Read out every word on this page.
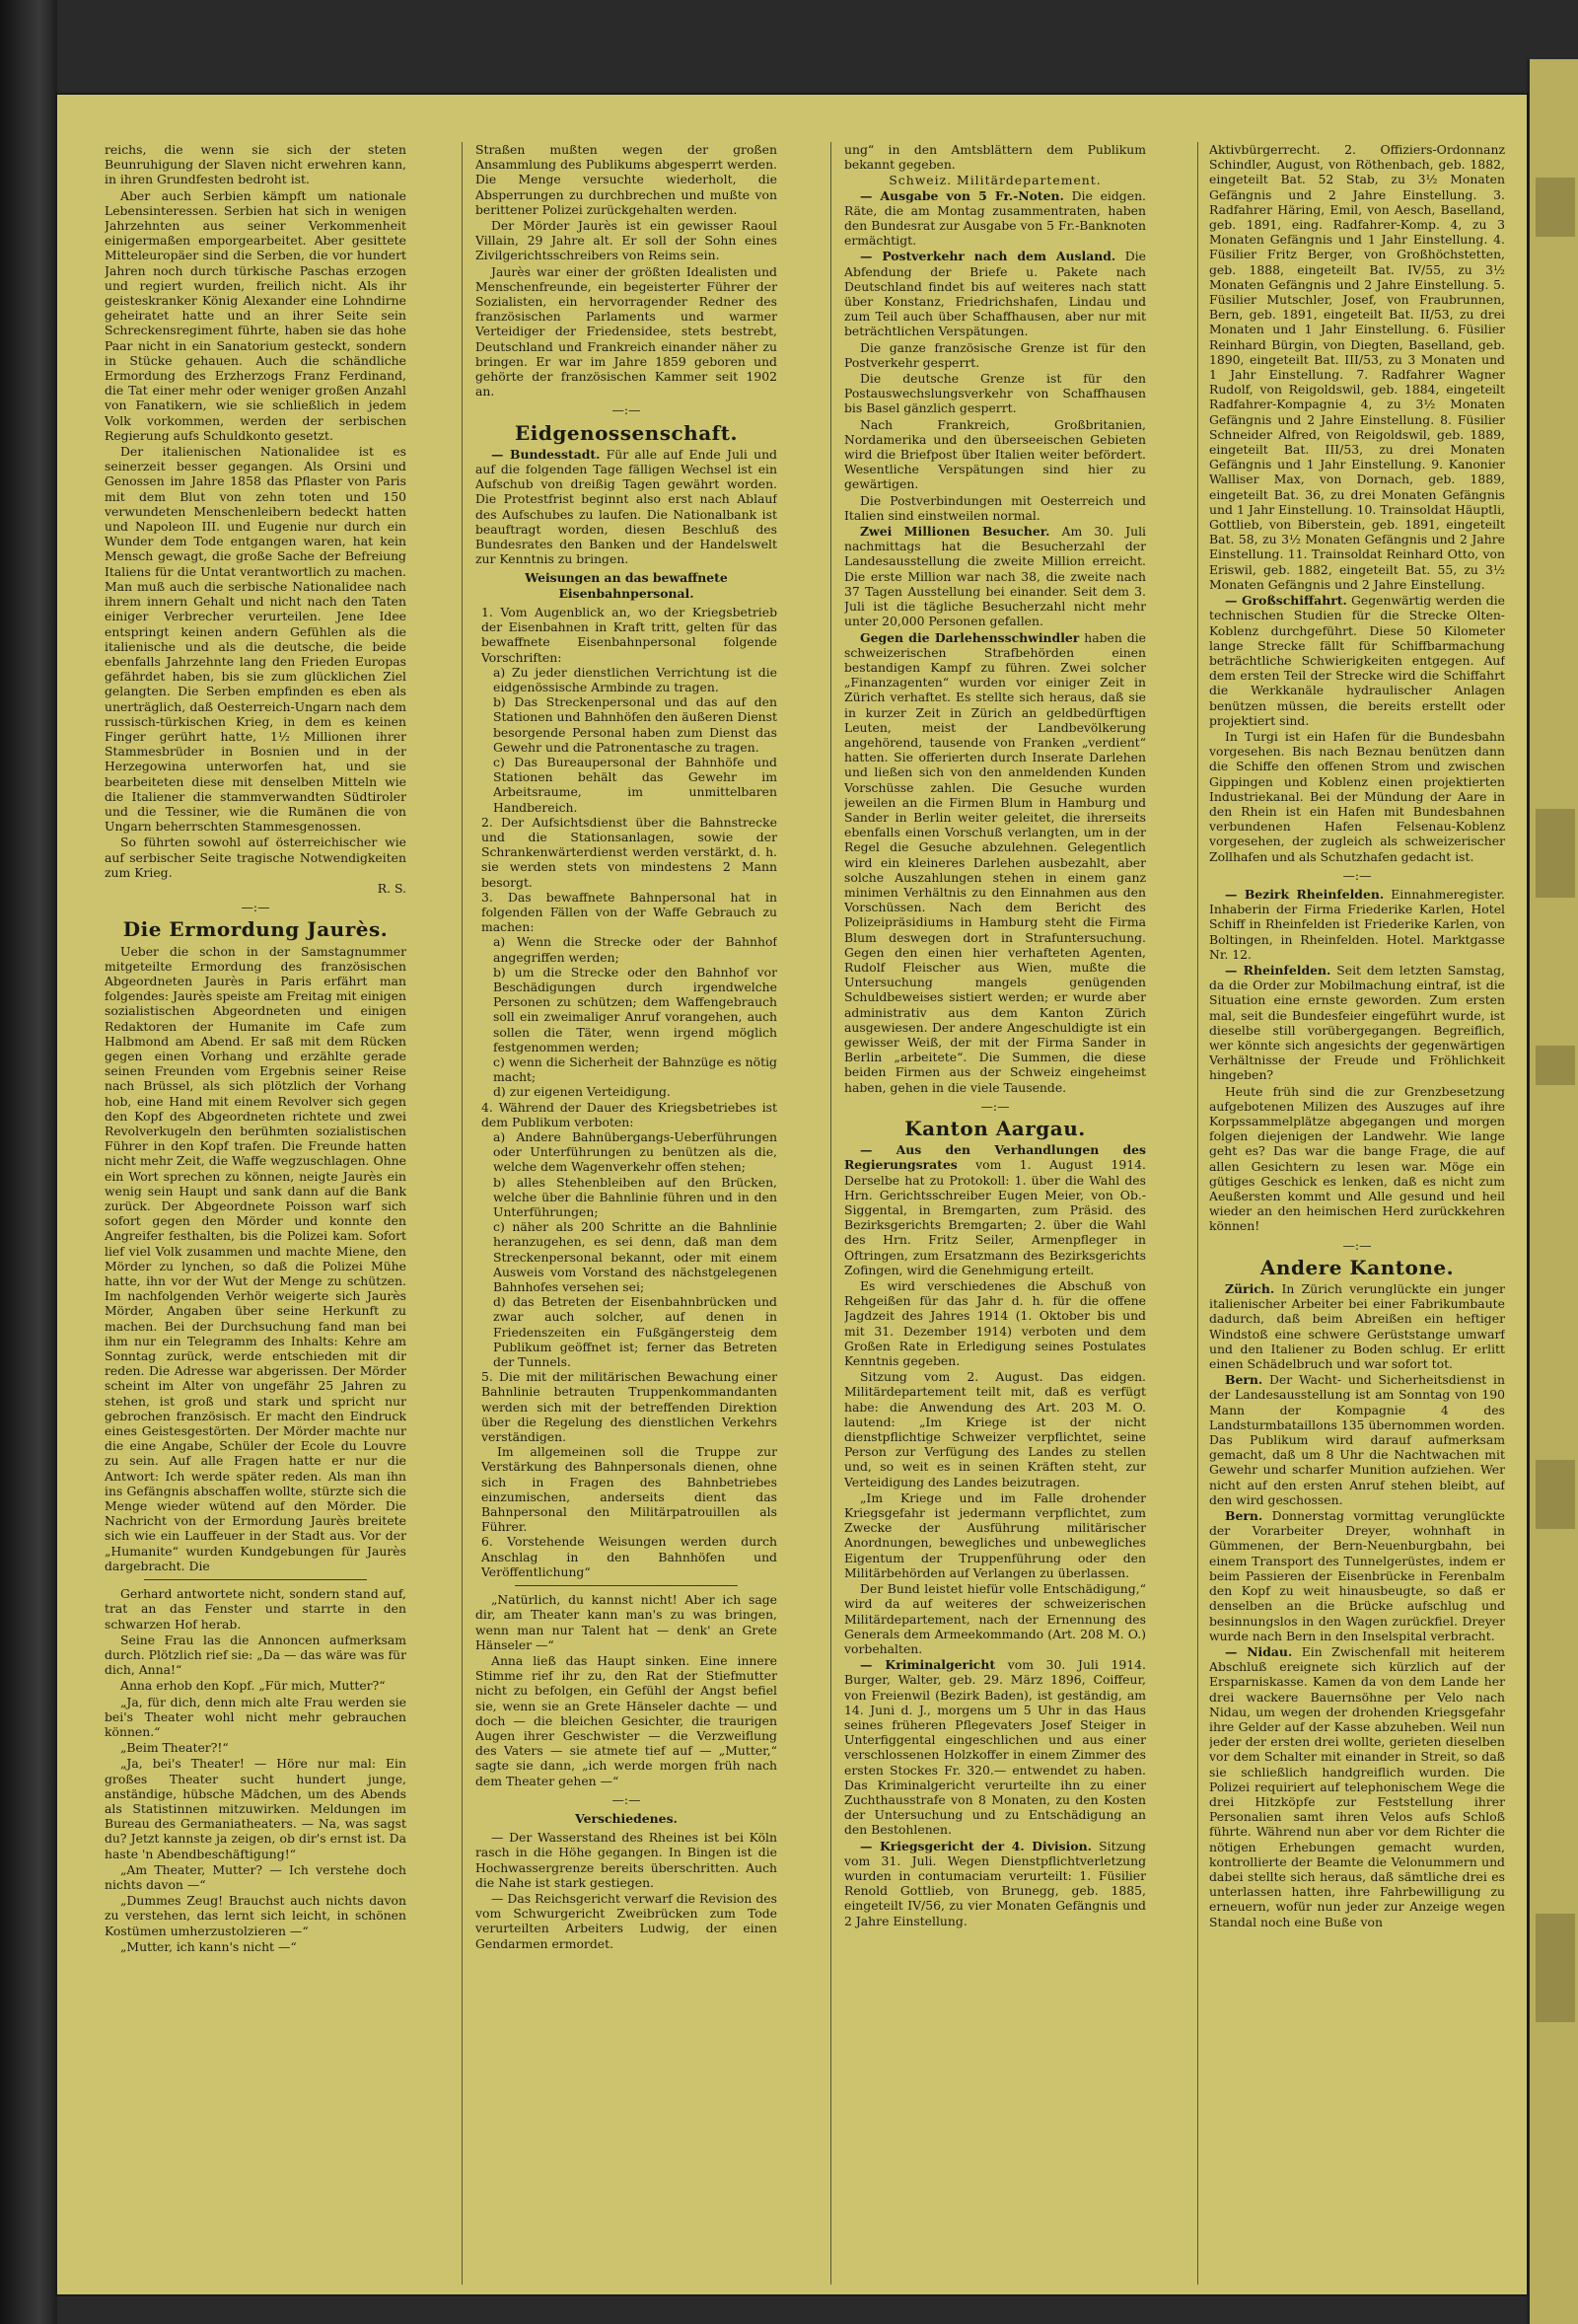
reichs, die wenn sie sich der steten Beunruhigung der Slaven nicht erwehren kann, in ihren Grundfesten bedroht ist.

Aber auch Serbien kämpft um nationale Lebensinteressen. Serbien hat sich in wenigen Jahrzehnten aus seiner Verkommenheit einigermaßen emporgearbeitet. Aber gesittete Mitteleuropäer sind die Serben, die vor hundert Jahren noch durch türkische Paschas erzogen und regiert wurden, freilich nicht. Als ihr geisteskranker König Alexander eine Lohndirne geheiratet hatte und an ihrer Seite sein Schreckensregiment führte, haben sie das hohe Paar nicht in ein Sanatorium gesteckt, sondern in Stücke gehauen. Auch die schändliche Ermordung des Erzherzogs Franz Ferdinand, die Tat einer mehr oder weniger großen Anzahl von Fanatikern, wie sie schließlich in jedem Volk vorkommen, werden der serbischen Regierung aufs Schuldkonto gesetzt.

Der italienischen Nationalidee ist es seinerzeit besser gegangen. Als Orsini und Genossen im Jahre 1858 das Pflaster von Paris mit dem Blut von zehn toten und 150 verwundeten Menschenleibern bedeckt hatten und Napoleon III. und Eugenie nur durch ein Wunder dem Tode entgangen waren, hat kein Mensch gewagt, die große Sache der Befreiung Italiens für die Untat verantwortlich zu machen. Man muß auch die serbische Nationalidee nach ihrem innern Gehalt und nicht nach den Taten einiger Verbrecher verurteilen. Jene Idee entspringt keinen andern Gefühlen als die italienische und als die deutsche, die beide ebenfalls Jahrzehnte lang den Frieden Europas gefährdet haben, bis sie zum glücklichen Ziel gelangten. Die Serben empfinden es eben als unerträglich, daß Oesterreich-Ungarn nach dem russisch-türkischen Krieg, in dem es keinen Finger gerührt hatte, 1½ Millionen ihrer Stammesbrüder in Bosnien und in der Herzegowina unterworfen hat, und sie bearbeiteten diese mit denselben Mitteln wie die Italiener die stammverwandten Südtiroler und die Tessiner, wie die Rumänen die von Ungarn beherrschten Stammesgenossen.

So führten sowohl auf österreichischer wie auf serbischer Seite tragische Notwendigkeiten zum Krieg.

R. S.
—:—
Die Ermordung Jaurès.

Ueber die schon in der Samstagnummer mitgeteilte Ermordung des französischen Abgeordneten Jaurès in Paris erfährt man folgendes: Jaurès speiste am Freitag mit einigen sozialistischen Abgeordneten und einigen Redaktoren der Humanite im Cafe zum Halbmond am Abend. Er saß mit dem Rücken gegen einen Vorhang und erzählte gerade seinen Freunden vom Ergebnis seiner Reise nach Brüssel, als sich plötzlich der Vorhang hob, eine Hand mit einem Revolver sich gegen den Kopf des Abgeordneten richtete und zwei Revolverkugeln den berühmten sozialistischen Führer in den Kopf trafen. Die Freunde hatten nicht mehr Zeit, die Waffe wegzuschlagen. Ohne ein Wort sprechen zu können, neigte Jaurès ein wenig sein Haupt und sank dann auf die Bank zurück. Der Abgeordnete Poisson warf sich sofort gegen den Mörder und konnte den Angreifer festhalten, bis die Polizei kam. Sofort lief viel Volk zusammen und machte Miene, den Mörder zu lynchen, so daß die Polizei Mühe hatte, ihn vor der Wut der Menge zu schützen. Im nachfolgenden Verhör weigerte sich Jaurès Mörder, Angaben über seine Herkunft zu machen. Bei der Durchsuchung fand man bei ihm nur ein Telegramm des Inhalts: Kehre am Sonntag zurück, werde entschieden mit dir reden. Die Adresse war abgerissen. Der Mörder scheint im Alter von ungefähr 25 Jahren zu stehen, ist groß und stark und spricht nur gebrochen französisch. Er macht den Eindruck eines Geistesgestörten. Der Mörder machte nur die eine Angabe, Schüler der Ecole du Louvre zu sein. Auf alle Fragen hatte er nur die Antwort: Ich werde später reden. Als man ihn ins Gefängnis abschaffen wollte, stürzte sich die Menge wieder wütend auf den Mörder. Die Nachricht von der Ermordung Jaurès breitete sich wie ein Lauffeuer in der Stadt aus. Vor der „Humanite“ wurden Kundgebungen für Jaurès dargebracht. Die

Gerhard antwortete nicht, sondern stand auf, trat an das Fenster und starrte in den schwarzen Hof herab.

Seine Frau las die Annoncen aufmerksam durch. Plötzlich rief sie: „Da — das wäre was für dich, Anna!“

Anna erhob den Kopf. „Für mich, Mutter?“

„Ja, für dich, denn mich alte Frau werden sie bei's Theater wohl nicht mehr gebrauchen können.“

„Beim Theater?!“

„Ja, bei's Theater! — Höre nur mal: Ein großes Theater sucht hundert junge, anständige, hübsche Mädchen, um des Abends als Statistinnen mitzuwirken. Meldungen im Bureau des Germaniatheaters. — Na, was sagst du? Jetzt kannste ja zeigen, ob dir's ernst ist. Da haste 'n Abendbeschäftigung!“

„Am Theater, Mutter? — Ich verstehe doch nichts davon —“

„Dummes Zeug! Brauchst auch nichts davon zu verstehen, das lernt sich leicht, in schönen Kostümen umherzustolzieren —“

„Mutter, ich kann's nicht —“

Straßen mußten wegen der großen Ansammlung des Publikums abgesperrt werden. Die Menge versuchte wiederholt, die Absperrungen zu durchbrechen und mußte von berittener Polizei zurückgehalten werden.

Der Mörder Jaurès ist ein gewisser Raoul Villain, 29 Jahre alt. Er soll der Sohn eines Zivilgerichtsschreibers von Reims sein.

Jaurès war einer der größten Idealisten und Menschenfreunde, ein begeisterter Führer der Sozialisten, ein hervorragender Redner des französischen Parlaments und warmer Verteidiger der Friedensidee, stets bestrebt, Deutschland und Frankreich einander näher zu bringen. Er war im Jahre 1859 geboren und gehörte der französischen Kammer seit 1902 an.

—:—
Eidgenossenschaft.

— Bundesstadt. Für alle auf Ende Juli und auf die folgenden Tage fälligen Wechsel ist ein Aufschub von dreißig Tagen gewährt worden. Die Protestfrist beginnt also erst nach Ablauf des Aufschubes zu laufen. Die Nationalbank ist beauftragt worden, diesen Beschluß des Bundesrates den Banken und der Handelswelt zur Kenntnis zu bringen.

Weisungen an das bewaffnete Eisenbahnpersonal.
1. Vom Augenblick an, wo der Kriegsbetrieb der Eisenbahnen in Kraft tritt, gelten für das bewaffnete Eisenbahnpersonal folgende Vorschriften:
a) Zu jeder dienstlichen Verrichtung ist die eidgenössische Armbinde zu tragen.
b) Das Streckenpersonal und das auf den Stationen und Bahnhöfen den äußeren Dienst besorgende Personal haben zum Dienst das Gewehr und die Patronentasche zu tragen.
c) Das Bureaupersonal der Bahnhöfe und Stationen behält das Gewehr im Arbeitsraume, im unmittelbaren Handbereich.
2. Der Aufsichtsdienst über die Bahnstrecke und die Stationsanlagen, sowie der Schrankenwärterdienst werden verstärkt, d. h. sie werden stets von mindestens 2 Mann besorgt.
3. Das bewaffnete Bahnpersonal hat in folgenden Fällen von der Waffe Gebrauch zu machen:
a) Wenn die Strecke oder der Bahnhof angegriffen werden;
b) um die Strecke oder den Bahnhof vor Beschädigungen durch irgendwelche Personen zu schützen; dem Waffengebrauch soll ein zweimaliger Anruf vorangehen, auch sollen die Täter, wenn irgend möglich festgenommen werden;
c) wenn die Sicherheit der Bahnzüge es nötig macht;
d) zur eigenen Verteidigung.
4. Während der Dauer des Kriegsbetriebes ist dem Publikum verboten:
a) Andere Bahnübergangs-Ueberführungen oder Unterführungen zu benützen als die, welche dem Wagenverkehr offen stehen;
b) alles Stehenbleiben auf den Brücken, welche über die Bahnlinie führen und in den Unterführungen;
c) näher als 200 Schritte an die Bahnlinie heranzugehen, es sei denn, daß man dem Streckenpersonal bekannt, oder mit einem Ausweis vom Vorstand des nächstgelegenen Bahnhofes versehen sei;
d) das Betreten der Eisenbahnbrücken und zwar auch solcher, auf denen in Friedenszeiten ein Fußgängersteig dem Publikum geöffnet ist; ferner das Betreten der Tunnels.
5. Die mit der militärischen Bewachung einer Bahnlinie betrauten Truppenkommandanten werden sich mit der betreffenden Direktion über die Regelung des dienstlichen Verkehrs verständigen.
Im allgemeinen soll die Truppe zur Verstärkung des Bahnpersonals dienen, ohne sich in Fragen des Bahnbetriebes einzumischen, anderseits dient das Bahnpersonal den Militärpatrouillen als Führer.
6. Vorstehende Weisungen werden durch Anschlag in den Bahnhöfen und Veröffentlichung“

„Natürlich, du kannst nicht! Aber ich sage dir, am Theater kann man's zu was bringen, wenn man nur Talent hat — denk' an Grete Hänseler —“

Anna ließ das Haupt sinken. Eine innere Stimme rief ihr zu, den Rat der Stiefmutter nicht zu befolgen, ein Gefühl der Angst befiel sie, wenn sie an Grete Hänseler dachte — und doch — die bleichen Gesichter, die traurigen Augen ihrer Geschwister — die Verzweiflung des Vaters — sie atmete tief auf — „Mutter,“ sagte sie dann, „ich werde morgen früh nach dem Theater gehen —“

—:—
Verschiedenes.

— Der Wasserstand des Rheines ist bei Köln rasch in die Höhe gegangen. In Bingen ist die Hochwassergrenze bereits überschritten. Auch die Nahe ist stark gestiegen.

— Das Reichsgericht verwarf die Revision des vom Schwurgericht Zweibrücken zum Tode verurteilten Arbeiters Ludwig, der einen Gendarmen ermordet.

ung“ in den Amtsblättern dem Publikum bekannt gegeben.

Schweiz. Militärdepartement.

— Ausgabe von 5 Fr.-Noten. Die eidgen. Räte, die am Montag zusammentraten, haben den Bundesrat zur Ausgabe von 5 Fr.-Banknoten ermächtigt.

— Postverkehr nach dem Ausland. Die Abfendung der Briefe u. Pakete nach Deutschland findet bis auf weiteres nach statt über Konstanz, Friedrichshafen, Lindau und zum Teil auch über Schaffhausen, aber nur mit beträchtlichen Verspätungen.

Die ganze französische Grenze ist für den Postverkehr gesperrt.

Die deutsche Grenze ist für den Postauswechslungsverkehr von Schaffhausen bis Basel gänzlich gesperrt.

Nach Frankreich, Großbritanien, Nordamerika und den überseeischen Gebieten wird die Briefpost über Italien weiter befördert. Wesentliche Verspätungen sind hier zu gewärtigen.

Die Postverbindungen mit Oesterreich und Italien sind einstweilen normal.

Zwei Millionen Besucher. Am 30. Juli nachmittags hat die Besucherzahl der Landesausstellung die zweite Million erreicht. Die erste Million war nach 38, die zweite nach 37 Tagen Ausstellung bei einander. Seit dem 3. Juli ist die tägliche Besucherzahl nicht mehr unter 20,000 Personen gefallen.

Gegen die Darlehensschwindler haben die schweizerischen Strafbehörden einen bestandigen Kampf zu führen. Zwei solcher „Finanzagenten“ wurden vor einiger Zeit in Zürich verhaftet. Es stellte sich heraus, daß sie in kurzer Zeit in Zürich an geldbedürftigen Leuten, meist der Landbevölkerung angehörend, tausende von Franken „verdient“ hatten. Sie offerierten durch Inserate Darlehen und ließen sich von den anmeldenden Kunden Vorschüsse zahlen. Die Gesuche wurden jeweilen an die Firmen Blum in Hamburg und Sander in Berlin weiter geleitet, die ihrerseits ebenfalls einen Vorschuß verlangten, um in der Regel die Gesuche abzulehnen. Gelegentlich wird ein kleineres Darlehen ausbezahlt, aber solche Auszahlungen stehen in einem ganz minimen Verhältnis zu den Einnahmen aus den Vorschüssen. Nach dem Bericht des Polizeipräsidiums in Hamburg steht die Firma Blum deswegen dort in Strafuntersuchung. Gegen den einen hier verhafteten Agenten, Rudolf Fleischer aus Wien, mußte die Untersuchung mangels genügenden Schuldbeweises sistiert werden; er wurde aber administrativ aus dem Kanton Zürich ausgewiesen. Der andere Angeschuldigte ist ein gewisser Weiß, der mit der Firma Sander in Berlin „arbeitete“. Die Summen, die diese beiden Firmen aus der Schweiz eingeheimst haben, gehen in die viele Tausende.

—:—
Kanton Aargau.

— Aus den Verhandlungen des Regierungsrates vom 1. August 1914. Derselbe hat zu Protokoll: 1. über die Wahl des Hrn. Gerichtsschreiber Eugen Meier, von Ob.-Siggental, in Bremgarten, zum Präsid. des Bezirksgerichts Bremgarten; 2. über die Wahl des Hrn. Fritz Seiler, Armenpfleger in Oftringen, zum Ersatzmann des Bezirksgerichts Zofingen, wird die Genehmigung erteilt.

Es wird verschiedenes die Abschuß von Rehgeißen für das Jahr d. h. für die offene Jagdzeit des Jahres 1914 (1. Oktober bis und mit 31. Dezember 1914) verboten und dem Großen Rate in Erledigung seines Postulates Kenntnis gegeben.

Sitzung vom 2. August. Das eidgen. Militärdepartement teilt mit, daß es verfügt habe: die Anwendung des Art. 203 M. O. lautend: „Im Kriege ist der nicht dienstpflichtige Schweizer verpflichtet, seine Person zur Verfügung des Landes zu stellen und, so weit es in seinen Kräften steht, zur Verteidigung des Landes beizutragen.

„Im Kriege und im Falle drohender Kriegsgefahr ist jedermann verpflichtet, zum Zwecke der Ausführung militärischer Anordnungen, bewegliches und unbewegliches Eigentum der Truppenführung oder den Militärbehörden auf Verlangen zu überlassen.

Der Bund leistet hiefür volle Entschädigung,“ wird da auf weiteres der schweizerischen Militärdepartement, nach der Ernennung des Generals dem Armeekommando (Art. 208 M. O.) vorbehalten.

— Kriminalgericht vom 30. Juli 1914. Burger, Walter, geb. 29. März 1896, Coiffeur, von Freienwil (Bezirk Baden), ist geständig, am 14. Juni d. J., morgens um 5 Uhr in das Haus seines früheren Pflegevaters Josef Steiger in Unterfiggental eingeschlichen und aus einer verschlossenen Holzkoffer in einem Zimmer des ersten Stockes Fr. 320.— entwendet zu haben. Das Kriminalgericht verurteilte ihn zu einer Zuchthausstrafe von 8 Monaten, zu den Kosten der Untersuchung und zu Entschädigung an den Bestohlenen.

— Kriegsgericht der 4. Division. Sitzung vom 31. Juli. Wegen Dienstpflichtverletzung wurden in contumaciam verurteilt: 1. Füsilier Renold Gottlieb, von Brunegg, geb. 1885, eingeteilt IV/56, zu vier Monaten Gefängnis und 2 Jahre Einstellung.

Aktivbürgerrecht. 2. Offiziers-Ordonnanz Schindler, August, von Röthenbach, geb. 1882, eingeteilt Bat. 52 Stab, zu 3½ Monaten Gefängnis und 2 Jahre Einstellung. 3. Radfahrer Häring, Emil, von Aesch, Baselland, geb. 1891, eing. Radfahrer-Komp. 4, zu 3 Monaten Gefängnis und 1 Jahr Einstellung. 4. Füsilier Fritz Berger, von Großhöchstetten, geb. 1888, eingeteilt Bat. IV/55, zu 3½ Monaten Gefängnis und 2 Jahre Einstellung. 5. Füsilier Mutschler, Josef, von Fraubrunnen, Bern, geb. 1891, eingeteilt Bat. II/53, zu drei Monaten und 1 Jahr Einstellung. 6. Füsilier Reinhard Bürgin, von Diegten, Baselland, geb. 1890, eingeteilt Bat. III/53, zu 3 Monaten und 1 Jahr Einstellung. 7. Radfahrer Wagner Rudolf, von Reigoldswil, geb. 1884, eingeteilt Radfahrer-Kompagnie 4, zu 3½ Monaten Gefängnis und 2 Jahre Einstellung. 8. Füsilier Schneider Alfred, von Reigoldswil, geb. 1889, eingeteilt Bat. III/53, zu drei Monaten Gefängnis und 1 Jahr Einstellung. 9. Kanonier Walliser Max, von Dornach, geb. 1889, eingeteilt Bat. 36, zu drei Monaten Gefängnis und 1 Jahr Einstellung. 10. Trainsoldat Häuptli, Gottlieb, von Biberstein, geb. 1891, eingeteilt Bat. 58, zu 3½ Monaten Gefängnis und 2 Jahre Einstellung. 11. Trainsoldat Reinhard Otto, von Eriswil, geb. 1882, eingeteilt Bat. 55, zu 3½ Monaten Gefängnis und 2 Jahre Einstellung.

— Großschiffahrt. Gegenwärtig werden die technischen Studien für die Strecke Olten-Koblenz durchgeführt. Diese 50 Kilometer lange Strecke fällt für Schiffbarmachung beträchtliche Schwierigkeiten entgegen. Auf dem ersten Teil der Strecke wird die Schiffahrt die Werkkanäle hydraulischer Anlagen benützen müssen, die bereits erstellt oder projektiert sind.

In Turgi ist ein Hafen für die Bundesbahn vorgesehen. Bis nach Beznau benützen dann die Schiffe den offenen Strom und zwischen Gippingen und Koblenz einen projektierten Industriekanal. Bei der Mündung der Aare in den Rhein ist ein Hafen mit Bundesbahnen verbundenen Hafen Felsenau-Koblenz vorgesehen, der zugleich als schweizerischer Zollhafen und als Schutzhafen gedacht ist.

—:—

— Bezirk Rheinfelden. Einnahmeregister. Inhaberin der Firma Friederike Karlen, Hotel Schiff in Rheinfelden ist Friederike Karlen, von Boltingen, in Rheinfelden. Hotel. Marktgasse Nr. 12.

— Rheinfelden. Seit dem letzten Samstag, da die Order zur Mobilmachung eintraf, ist die Situation eine ernste geworden. Zum ersten mal, seit die Bundesfeier eingeführt wurde, ist dieselbe still vorübergegangen. Begreiflich, wer könnte sich angesichts der gegenwärtigen Verhältnisse der Freude und Fröhlichkeit hingeben?

Heute früh sind die zur Grenzbesetzung aufgebotenen Milizen des Auszuges auf ihre Korpssammelplätze abgegangen und morgen folgen diejenigen der Landwehr. Wie lange geht es? Das war die bange Frage, die auf allen Gesichtern zu lesen war. Möge ein gütiges Geschick es lenken, daß es nicht zum Aeußersten kommt und Alle gesund und heil wieder an den heimischen Herd zurückkehren können!

—:—
Andere Kantone.

Zürich. In Zürich verunglückte ein junger italienischer Arbeiter bei einer Fabrikumbaute dadurch, daß beim Abreißen ein heftiger Windstoß eine schwere Gerüststange umwarf und den Italiener zu Boden schlug. Er erlitt einen Schädelbruch und war sofort tot.

Bern. Der Wacht- und Sicherheitsdienst in der Landesausstellung ist am Sonntag von 190 Mann der Kompagnie 4 des Landsturmbataillons 135 übernommen worden. Das Publikum wird darauf aufmerksam gemacht, daß um 8 Uhr die Nachtwachen mit Gewehr und scharfer Munition aufziehen. Wer nicht auf den ersten Anruf stehen bleibt, auf den wird geschossen.

Bern. Donnerstag vormittag verunglückte der Vorarbeiter Dreyer, wohnhaft in Gümmenen, der Bern-Neuenburgbahn, bei einem Transport des Tunnelgerüstes, indem er beim Passieren der Eisenbrücke in Ferenbalm den Kopf zu weit hinausbeugte, so daß er denselben an die Brücke aufschlug und besinnungslos in den Wagen zurückfiel. Dreyer wurde nach Bern in den Inselspital verbracht.

— Nidau. Ein Zwischenfall mit heiterem Abschluß ereignete sich kürzlich auf der Ersparniskasse. Kamen da von dem Lande her drei wackere Bauernsöhne per Velo nach Nidau, um wegen der drohenden Kriegsgefahr ihre Gelder auf der Kasse abzuheben. Weil nun jeder der ersten drei wollte, gerieten dieselben vor dem Schalter mit einander in Streit, so daß sie schließlich handgreiflich wurden. Die Polizei requiriert auf telephonischem Wege die drei Hitzköpfe zur Feststellung ihrer Personalien samt ihren Velos aufs Schloß führte. Während nun aber vor dem Richter die nötigen Erhebungen gemacht wurden, kontrollierte der Beamte die Velonummern und dabei stellte sich heraus, daß sämtliche drei es unterlassen hatten, ihre Fahrbewilligung zu erneuern, wofür nun jeder zur Anzeige wegen Standal noch eine Buße von
